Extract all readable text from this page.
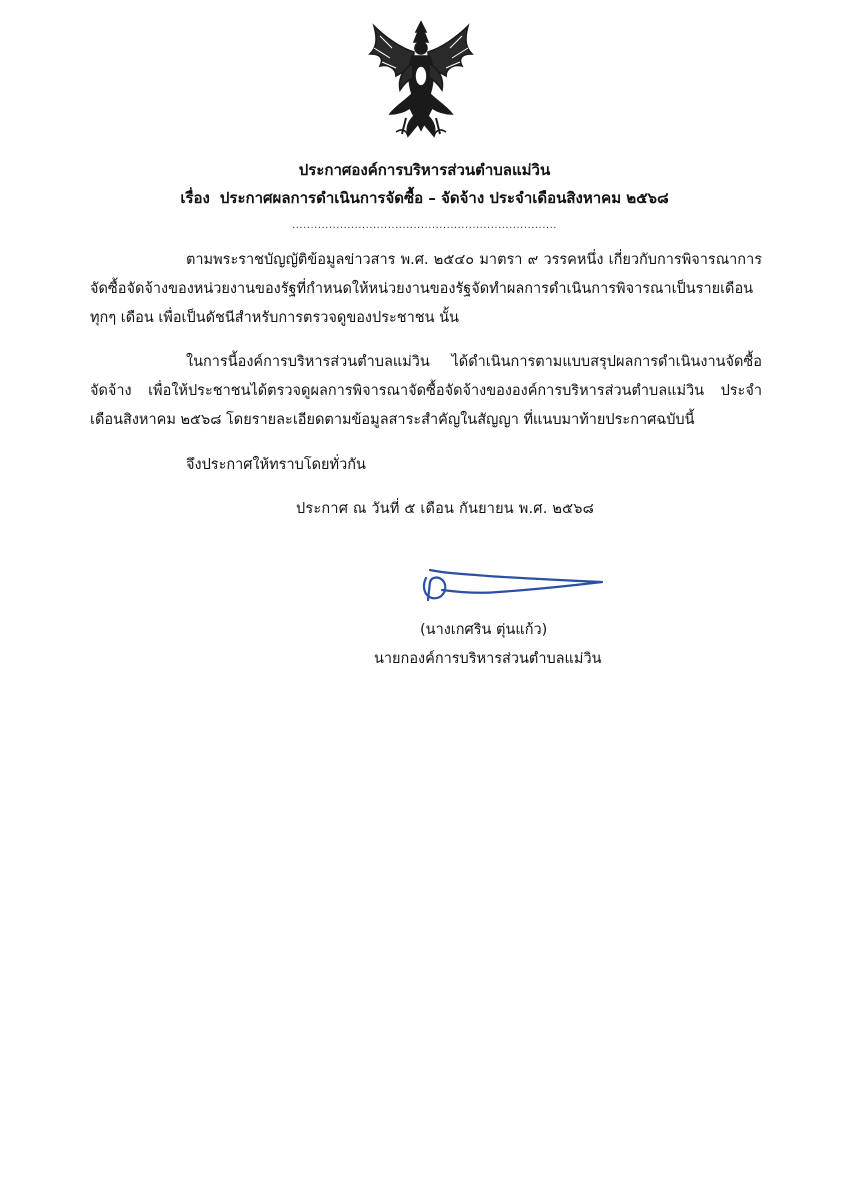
ประกาศองค์การบริหารส่วนตำบลแม่วิน
เรื่อง ประกาศผลการดำเนินการจัดซื้อ – จัดจ้าง ประจำเดือนสิงหาคม ๒๕๖๘
........................................................................
ตามพระราชบัญญัติข้อมูลข่าวสาร พ.ศ. ๒๕๔๐ มาตรา ๙ วรรคหนึ่ง เกี่ยวกับการพิจารณาการจัดซื้อจัดจ้างของหน่วยงานของรัฐที่กำหนดให้หน่วยงานของรัฐจัดทำผลการดำเนินการพิจารณาเป็นรายเดือนทุกๆ เดือน เพื่อเป็นดัชนีสำหรับการตรวจดูของประชาชน นั้น
ในการนี้องค์การบริหารส่วนตำบลแม่วิน ได้ดำเนินการตามแบบสรุปผลการดำเนินงานจัดซื้อจัดจ้าง เพื่อให้ประชาชนได้ตรวจดูผลการพิจารณาจัดซื้อจัดจ้างขององค์การบริหารส่วนตำบลแม่วิน ประจำเดือนสิงหาคม ๒๕๖๘ โดยรายละเอียดตามข้อมูลสาระสำคัญในสัญญา ที่แนบมาท้ายประกาศฉบับนี้
จึงประกาศให้ทราบโดยทั่วกัน
ประกาศ ณ วันที่ ๕ เดือน กันยายน พ.ศ. ๒๕๖๘
(นางเกศริน ตุ่นแก้ว)
นายกองค์การบริหารส่วนตำบลแม่วิน
